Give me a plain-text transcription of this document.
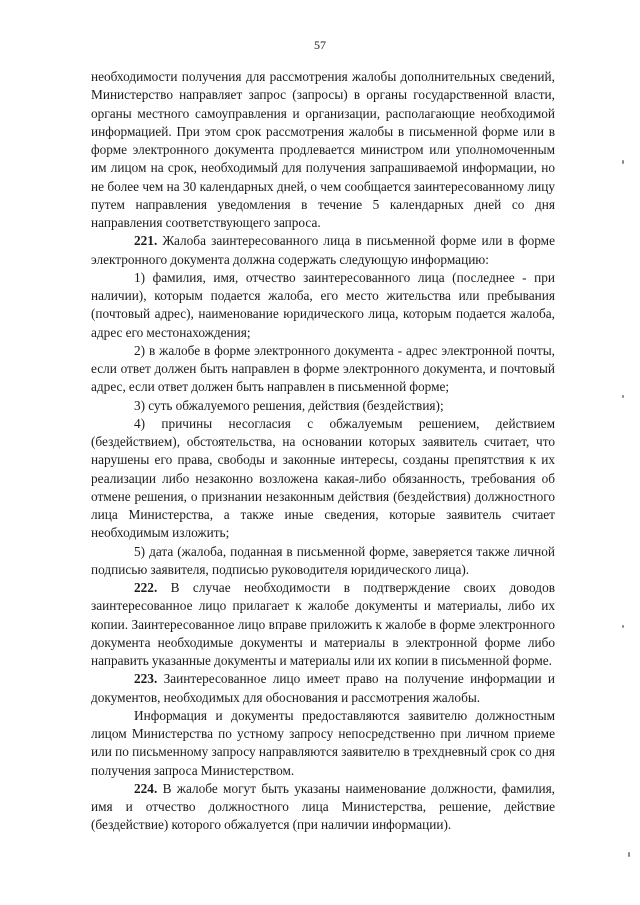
57

необходимости получения для рассмотрения жалобы дополнительных сведений, Министерство направляет запрос (запросы) в органы государственной власти, органы местного самоуправления и организации, располагающие необходимой информацией. При этом срок рассмотрения жалобы в письменной форме или в форме электронного документа продлевается министром или уполномоченным им лицом на срок, необходимый для получения запрашиваемой информации, но не более чем на 30 календарных дней, о чем сообщается заинтересованному лицу путем направления уведомления в течение 5 календарных дней со дня направления соответствующего запроса.

221. Жалоба заинтересованного лица в письменной форме или в форме электронного документа должна содержать следующую информацию:

1) фамилия, имя, отчество заинтересованного лица (последнее - при наличии), которым подается жалоба, его место жительства или пребывания (почтовый адрес), наименование юридического лица, которым подается жалоба, адрес его местонахождения;

2) в жалобе в форме электронного документа - адрес электронной почты, если ответ должен быть направлен в форме электронного документа, и почтовый адрес, если ответ должен быть направлен в письменной форме;

3) суть обжалуемого решения, действия (бездействия);

4) причины несогласия с обжалуемым решением, действием (бездействием), обстоятельства, на основании которых заявитель считает, что нарушены его права, свободы и законные интересы, созданы препятствия к их реализации либо незаконно возложена какая-либо обязанность, требования об отмене решения, о признании незаконным действия (бездействия) должностного лица Министерства, а также иные сведения, которые заявитель считает необходимым изложить;

5) дата (жалоба, поданная в письменной форме, заверяется также личной подписью заявителя, подписью руководителя юридического лица).

222. В случае необходимости в подтверждение своих доводов заинтересованное лицо прилагает к жалобе документы и материалы, либо их копии. Заинтересованное лицо вправе приложить к жалобе в форме электронного документа необходимые документы и материалы в электронной форме либо направить указанные документы и материалы или их копии в письменной форме.

223. Заинтересованное лицо имеет право на получение информации и документов, необходимых для обоснования и рассмотрения жалобы.

Информация и документы предоставляются заявителю должностным лицом Министерства по устному запросу непосредственно при личном приеме или по письменному запросу направляются заявителю в трехдневный срок со дня получения запроса Министерством.

224. В жалобе могут быть указаны наименование должности, фамилия, имя и отчество должностного лица Министерства, решение, действие (бездействие) которого обжалуется (при наличии информации).
